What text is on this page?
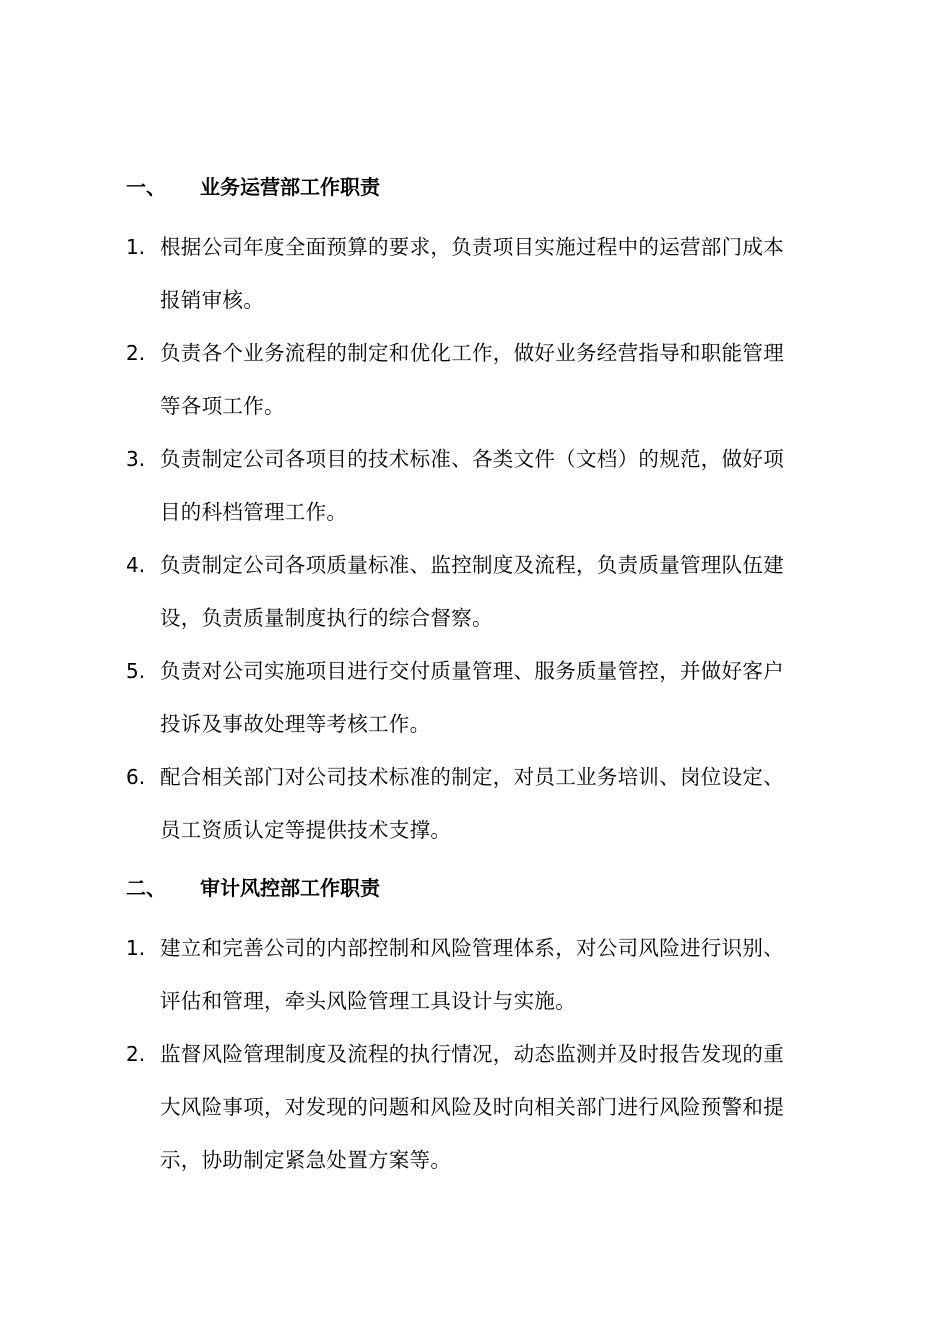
一、	业务运营部工作职责
1. 根据公司年度全面预算的要求，负责项目实施过程中的运营部门成本
报销审核。
2. 负责各个业务流程的制定和优化工作，做好业务经营指导和职能管理
等各项工作。
3. 负责制定公司各项目的技术标准、各类文件（文档）的规范，做好项
目的科档管理工作。
4. 负责制定公司各项质量标准、监控制度及流程，负责质量管理队伍建
设，负责质量制度执行的综合督察。
5. 负责对公司实施项目进行交付质量管理、服务质量管控，并做好客户
投诉及事故处理等考核工作。
6. 配合相关部门对公司技术标准的制定，对员工业务培训、岗位设定、
员工资质认定等提供技术支撑。
二、	审计风控部工作职责
1. 建立和完善公司的内部控制和风险管理体系，对公司风险进行识别、
评估和管理，牵头风险管理工具设计与实施。
2. 监督风险管理制度及流程的执行情况，动态监测并及时报告发现的重
大风险事项，对发现的问题和风险及时向相关部门进行风险预警和提
示，协助制定紧急处置方案等。
